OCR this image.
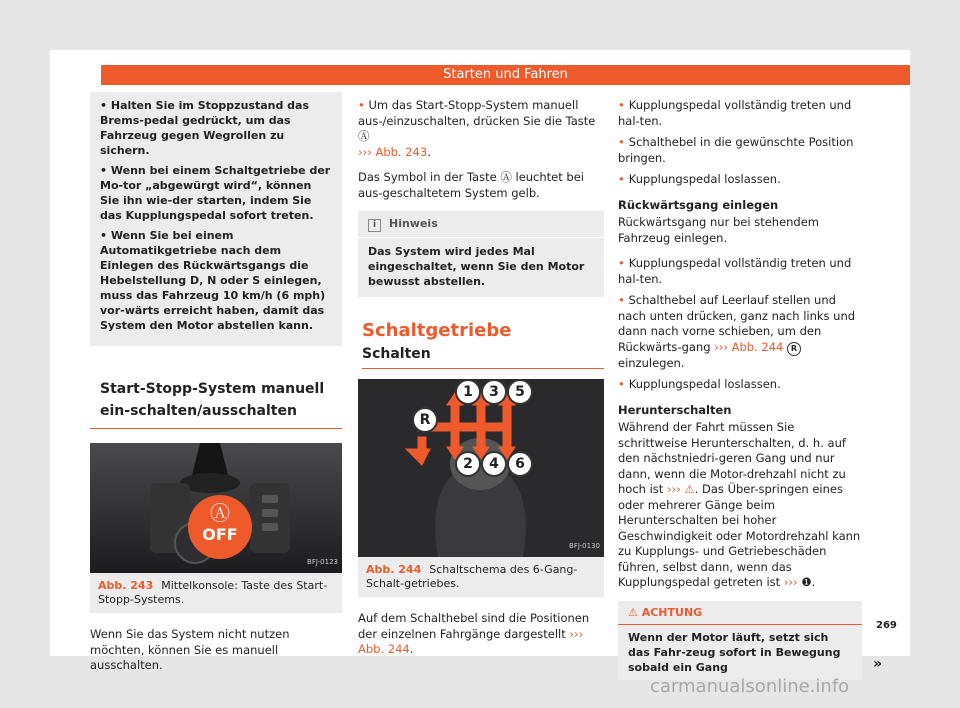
Starten und Fahren
• Halten Sie im Stoppzustand das Brems-pedal gedrückt, um das Fahrzeug gegen Wegrollen zu sichern.
• Wenn bei einem Schaltgetriebe der Mo-tor „abgewürgt wird“, können Sie ihn wie-der starten, indem Sie das Kupplungspedal sofort treten.
• Wenn Sie bei einem Automatikgetriebe nach dem Einlegen des Rückwärtsgangs die Hebelstellung D, N oder S einlegen, muss das Fahrzeug 10 km/h (6 mph) vor-wärts erreicht haben, damit das System den Motor abstellen kann.
Start-Stopp-System manuell ein-schalten/ausschalten
Ⓐ
OFF
BFJ-0123
Abb. 243 Mittelkonsole: Taste des Start-Stopp-Systems.
Wenn Sie das System nicht nutzen möchten, können Sie es manuell ausschalten.
• Um das Start-Stopp-System manuell aus-/einzuschalten, drücken Sie die Taste Ⓐ
››› Abb. 243.
Das Symbol in der Taste Ⓐ leuchtet bei aus-geschaltetem System gelb.
i Hinweis
Das System wird jedes Mal eingeschaltet, wenn Sie den Motor bewusst abstellen.
Schaltgetriebe
Schalten
1	3	5
R
2	4	6
BFJ-0130
Abb. 244 Schaltschema des 6-Gang-Schalt-getriebes.
Auf dem Schalthebel sind die Positionen der einzelnen Fahrgänge dargestellt ››› Abb. 244.
• Kupplungspedal vollständig treten und hal-ten.
• Schalthebel in die gewünschte Position bringen.
• Kupplungspedal loslassen.
Rückwärtsgang einlegen
Rückwärtsgang nur bei stehendem Fahrzeug einlegen.
• Kupplungspedal vollständig treten und hal-ten.
• Schalthebel auf Leerlauf stellen und nach unten drücken, ganz nach links und dann nach vorne schieben, um den Rückwärts-gang ››› Abb. 244 R einzulegen.
• Kupplungspedal loslassen.
Herunterschalten
Während der Fahrt müssen Sie schrittweise Herunterschalten, d. h. auf den nächstniedri-geren Gang und nur dann, wenn die Motor-drehzahl nicht zu hoch ist ››› ⚠. Das Über-springen eines oder mehrerer Gänge beim Herunterschalten bei hoher Geschwindigkeit oder Motordrehzahl kann zu Kupplungs- und Getriebeschäden führen, selbst dann, wenn das Kupplungspedal getreten ist ››› ❶.
⚠ ACHTUNG
Wenn der Motor läuft, setzt sich das Fahr-zeug sofort in Bewegung sobald ein Gang	»
269
carmanualsonline.info
